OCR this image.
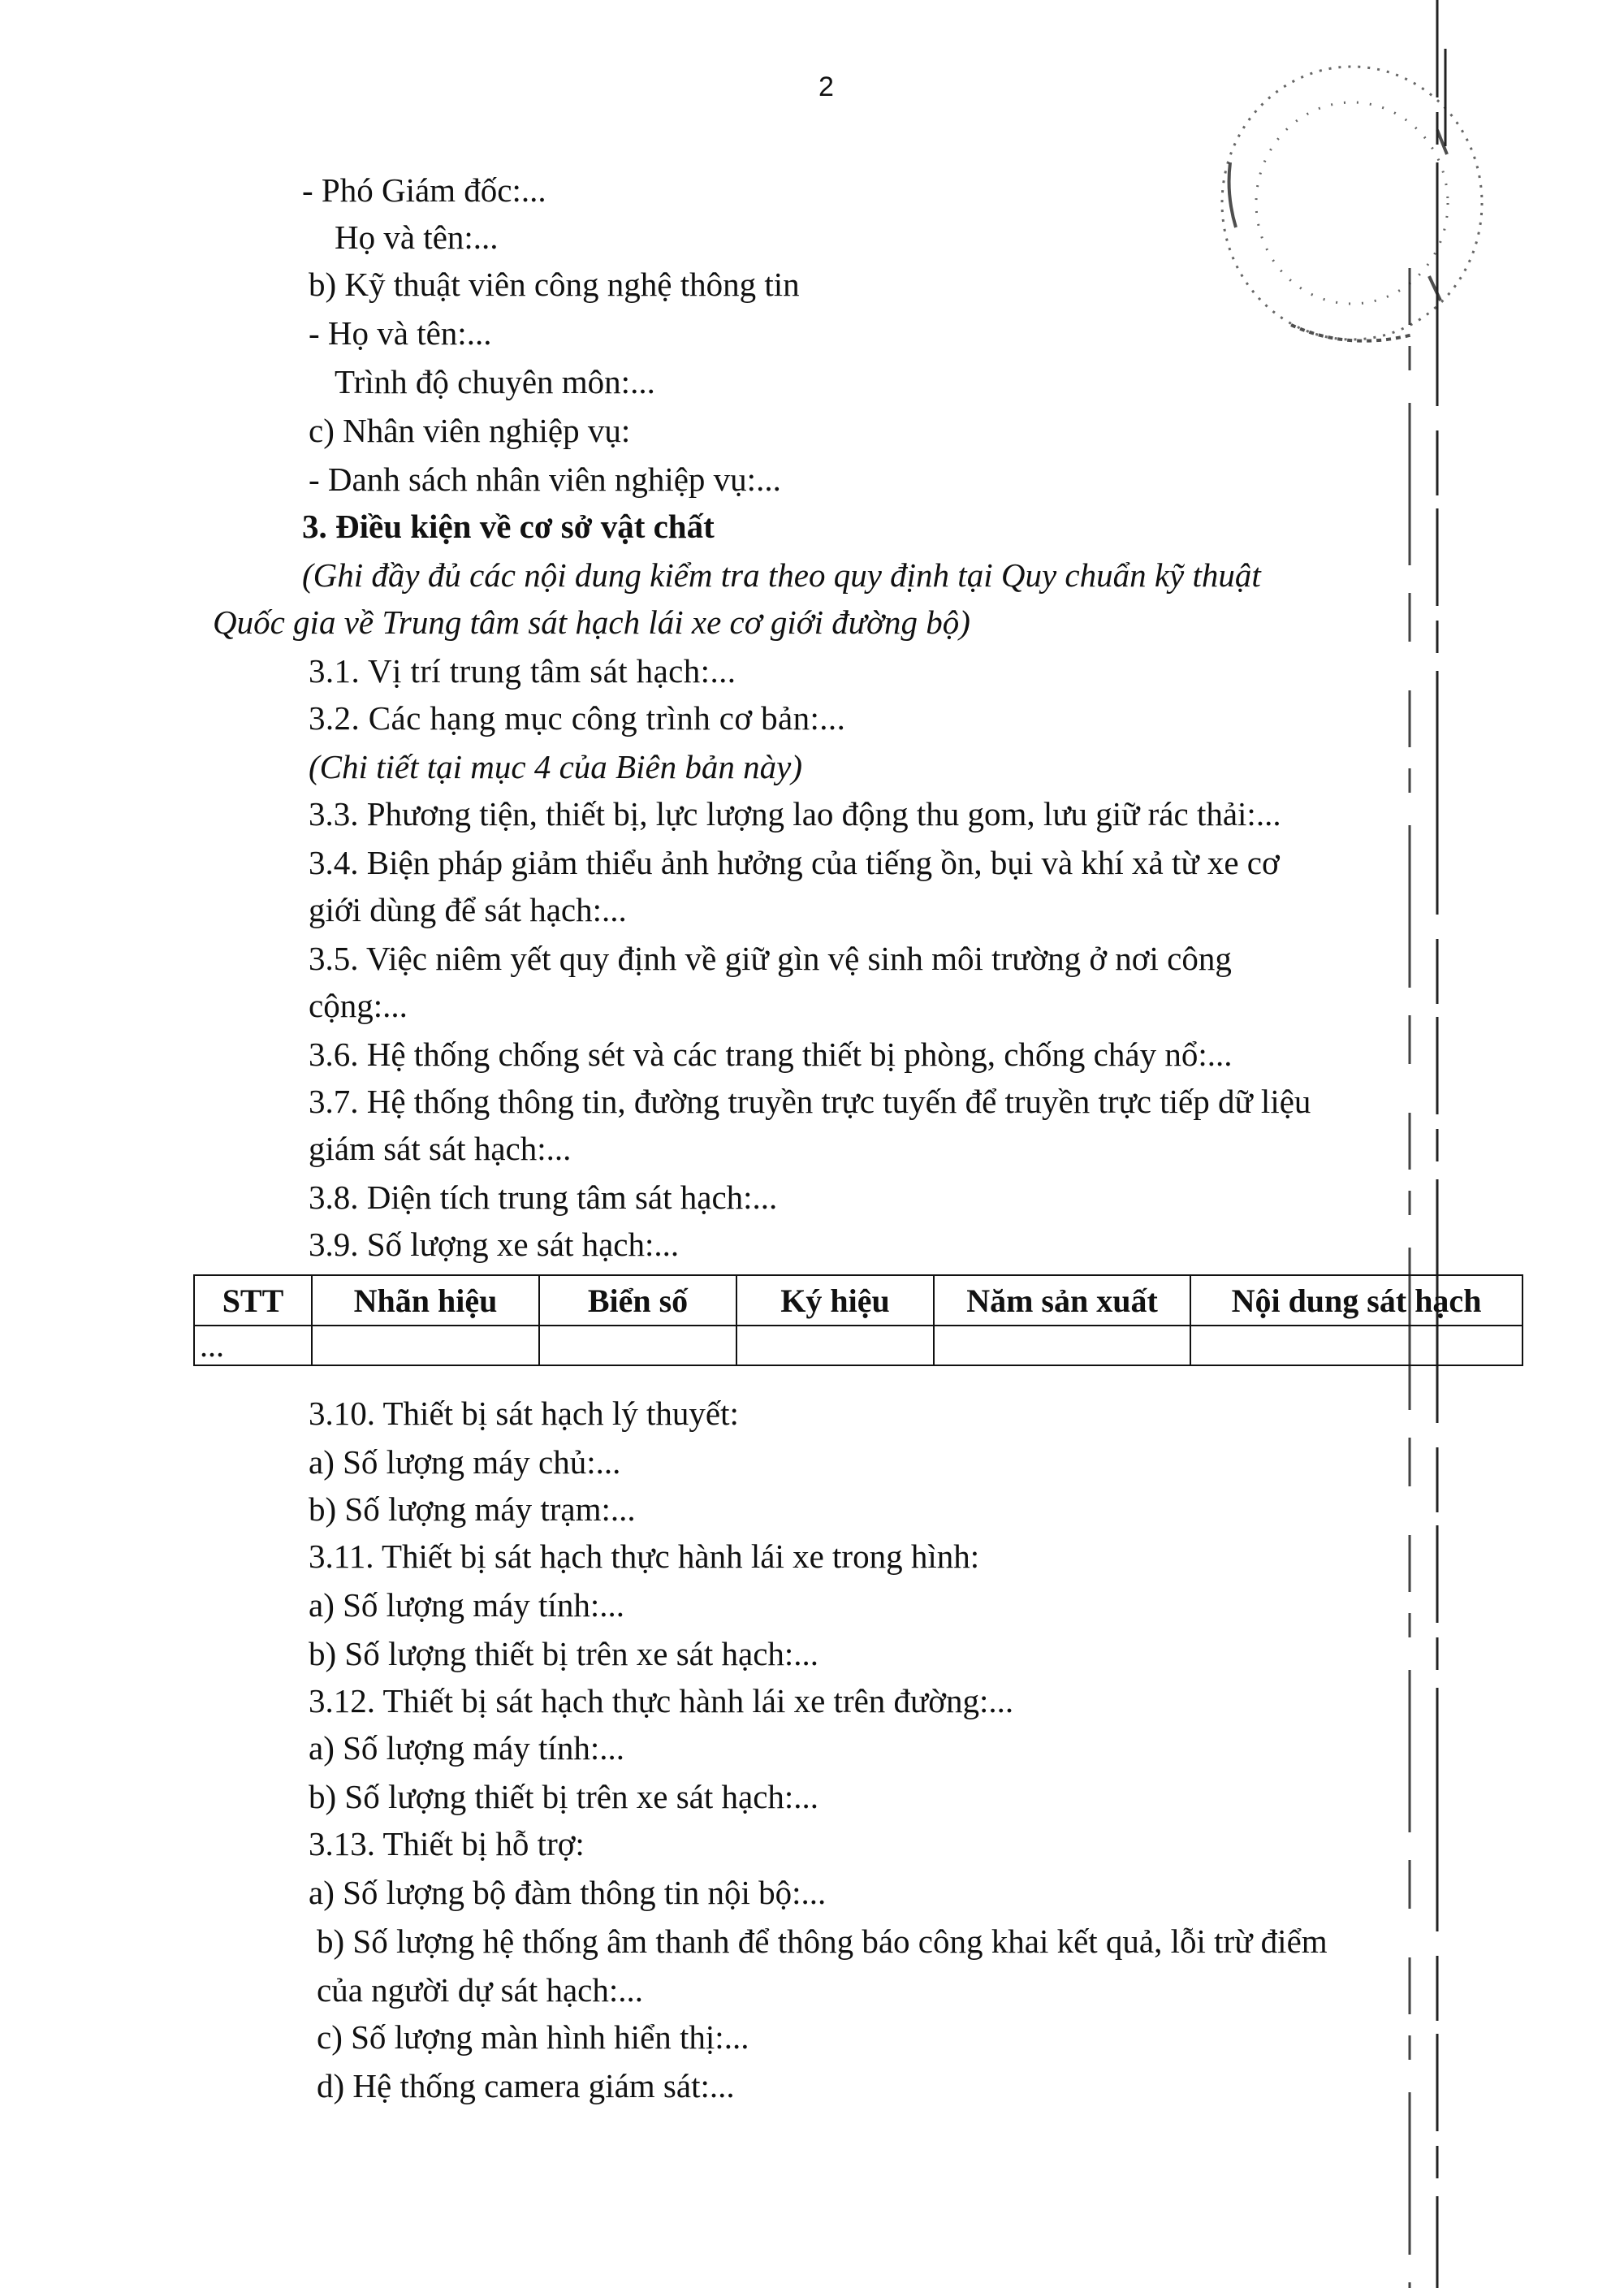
2
- Phó Giám đốc:...
Họ và tên:...
b) Kỹ thuật viên công nghệ thông tin
- Họ và tên:...
Trình độ chuyên môn:...
c) Nhân viên nghiệp vụ:
- Danh sách nhân viên nghiệp vụ:...
3. Điều kiện về cơ sở vật chất
(Ghi đầy đủ các nội dung kiểm tra theo quy định tại Quy chuẩn kỹ thuật
Quốc gia về Trung tâm sát hạch lái xe cơ giới đường bộ)
3.1. Vị trí trung tâm sát hạch:...
3.2. Các hạng mục công trình cơ bản:...
(Chi tiết tại mục 4 của Biên bản này)
3.3. Phương tiện, thiết bị, lực lượng lao động thu gom, lưu giữ rác thải:...
3.4. Biện pháp giảm thiểu ảnh hưởng của tiếng ồn, bụi và khí xả từ xe cơ
giới dùng để sát hạch:...
3.5. Việc niêm yết quy định về giữ gìn vệ sinh môi trường ở nơi công
cộng:...
3.6. Hệ thống chống sét và các trang thiết bị phòng, chống cháy nổ:...
3.7. Hệ thống thông tin, đường truyền trực tuyến để truyền trực tiếp dữ liệu
giám sát sát hạch:...
3.8. Diện tích trung tâm sát hạch:...
3.9. Số lượng xe sát hạch:...
STT	Nhãn hiệu	Biển số	Ký hiệu	Năm sản xuất	Nội dung sát hạch
...					
3.10. Thiết bị sát hạch lý thuyết:
a) Số lượng máy chủ:...
b) Số lượng máy trạm:...
3.11. Thiết bị sát hạch thực hành lái xe trong hình:
a) Số lượng máy tính:...
b) Số lượng thiết bị trên xe sát hạch:...
3.12. Thiết bị sát hạch thực hành lái xe trên đường:...
a) Số lượng máy tính:...
b) Số lượng thiết bị trên xe sát hạch:...
3.13. Thiết bị hỗ trợ:
a) Số lượng bộ đàm thông tin nội bộ:...
b) Số lượng hệ thống âm thanh để thông báo công khai kết quả, lỗi trừ điểm
của người dự sát hạch:...
c) Số lượng màn hình hiển thị:...
d) Hệ thống camera giám sát:...
